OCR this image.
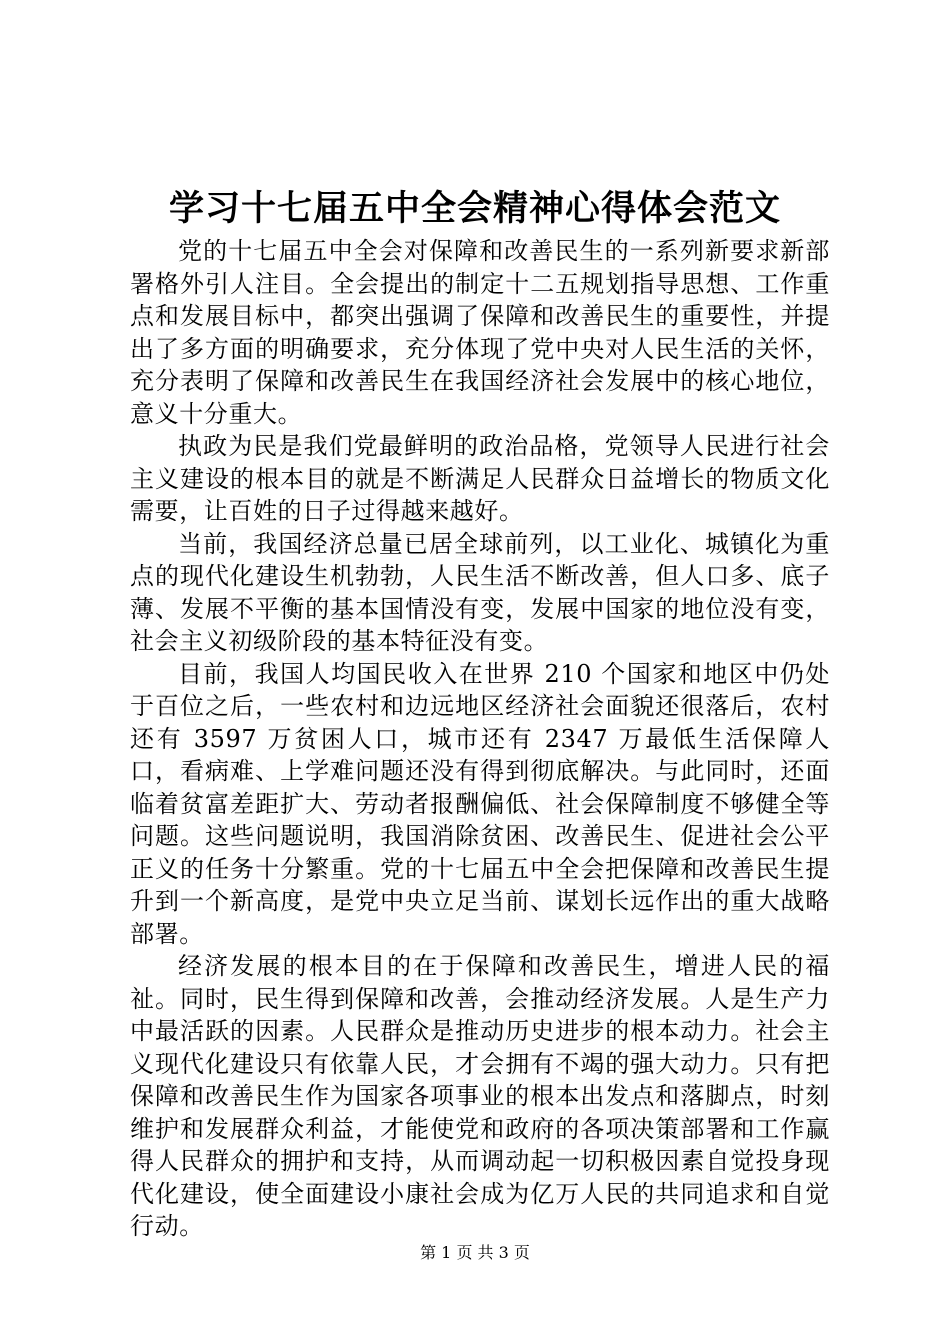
学习十七届五中全会精神心得体会范文

党的十七届五中全会对保障和改善民生的一系列新要求新部署格外引人注目。全会提出的制定十二五规划指导思想、工作重点和发展目标中，都突出强调了保障和改善民生的重要性，并提出了多方面的明确要求，充分体现了党中央对人民生活的关怀，充分表明了保障和改善民生在我国经济社会发展中的核心地位，意义十分重大。

执政为民是我们党最鲜明的政治品格，党领导人民进行社会主义建设的根本目的就是不断满足人民群众日益增长的物质文化需要，让百姓的日子过得越来越好。

当前，我国经济总量已居全球前列，以工业化、城镇化为重点的现代化建设生机勃勃，人民生活不断改善，但人口多、底子薄、发展不平衡的基本国情没有变，发展中国家的地位没有变，社会主义初级阶段的基本特征没有变。

目前，我国人均国民收入在世界 210 个国家和地区中仍处于百位之后，一些农村和边远地区经济社会面貌还很落后，农村还有 3597 万贫困人口，城市还有 2347 万最低生活保障人口，看病难、上学难问题还没有得到彻底解决。与此同时，还面临着贫富差距扩大、劳动者报酬偏低、社会保障制度不够健全等问题。这些问题说明，我国消除贫困、改善民生、促进社会公平正义的任务十分繁重。党的十七届五中全会把保障和改善民生提升到一个新高度，是党中央立足当前、谋划长远作出的重大战略部署。

经济发展的根本目的在于保障和改善民生，增进人民的福祉。同时，民生得到保障和改善，会推动经济发展。人是生产力中最活跃的因素。人民群众是推动历史进步的根本动力。社会主义现代化建设只有依靠人民，才会拥有不竭的强大动力。只有把保障和改善民生作为国家各项事业的根本出发点和落脚点，时刻维护和发展群众利益，才能使党和政府的各项决策部署和工作赢得人民群众的拥护和支持，从而调动起一切积极因素自觉投身现代化建设，使全面建设小康社会成为亿万人民的共同追求和自觉行动。

第 1 页 共 3 页
